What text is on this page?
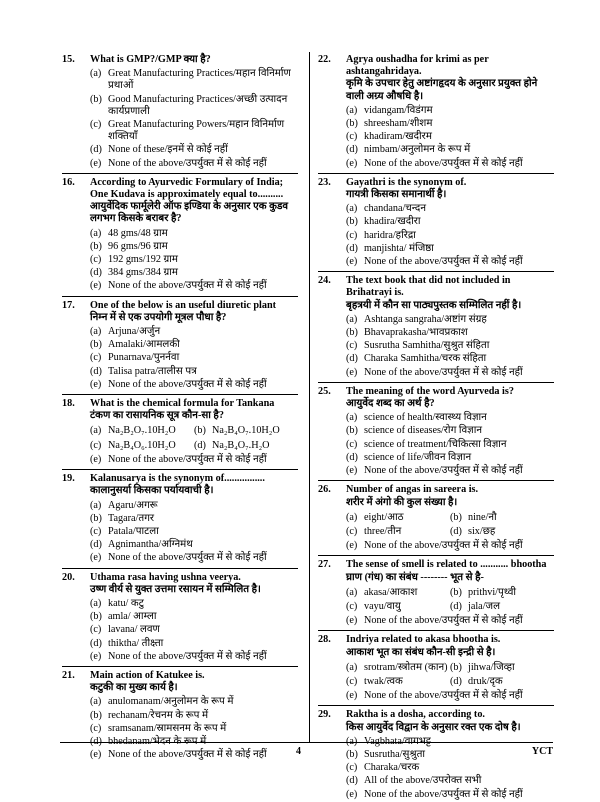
15. What is GMP?/GMP क्या है?
(a) Great Manufacturing Practices/महान विनिर्माण प्रथाओं
(b) Good Manufacturing Practices/अच्छी उत्पादन कार्यप्रणाली
(c) Great Manufacturing Powers/महान विनिर्माण शक्तियाँ
(d) None of these/इनमें से कोई नहीं
(e) None of the above/उपर्युक्त में से कोई नहीं
16. According to Ayurvedic Formulary of India; One Kudava is approximately equal to..........
आयुर्वेदिक फार्मूलेरी ऑफ इण्डिया के अनुसार एक कुडव लगभग किसके बराबर है?
(a) 48 gms/48 ग्राम
(b) 96 gms/96 ग्राम
(c) 192 gms/192 ग्राम
(d) 384 gms/384 ग्राम
(e) None of the above/उपर्युक्त में से कोई नहीं
17. One of the below is an useful diuretic plant
निम्न में से एक उपयोगी मूत्रल पौधा है?
(a) Arjuna/अर्जुन
(b) Amalaki/आमलकी
(c) Punarnava/पुनर्नवा
(d) Talisa patra/तालीस पत्र
(e) None of the above/उपर्युक्त में से कोई नहीं
18. What is the chemical formula for Tankana
टंकण का रासायनिक सूत्र कौन-सा है?
(a) Na₂B₂O₇.10H₂O	(b) Na₂B₄O₇.10H₂O
(c) Na₂B₄O₆.10H₂O	(d) Na₂B₄O₇.H₂O
(e) None of the above/उपर्युक्त में से कोई नहीं
19. Kalanusarya is the synonym of................
कालानुसर्या किसका पर्यायवाची है।
(a) Agaru/अगरू
(b) Tagara/तगर
(c) Patala/पाटला
(d) Agnimantha/अग्निमंथ
(e) None of the above/उपर्युक्त में से कोई नहीं
20. Uthama rasa having ushna veerya.
उष्ण वीर्य से युक्त उत्तमा रसायन में सम्मिलित है।
(a) katu/ कटु
(b) amla/ आम्ला
(c) lavana/ लवण
(d) thiktha/ तीक्ष्ता
(e) None of the above/उपर्युक्त में से कोई नहीं
21. Main action of Katukee is.
कटुकी का मुख्य कार्य है।
(a) anulomanam/अनुलोमन के रूप में
(b) rechanam/रेचनम के रूप में
(c) sramsanam/स्रामसनम के रूप में
(d) bhedanam/भेदन के रूप में
(e) None of the above/उपर्युक्त में से कोई नहीं
22. Agrya oushadha for krimi as per ashtangahridaya.
कृमि के उपचार हेतु अष्टांगहृदय के अनुसार प्रयुक्त होने वाली अग्र्य औषधि है।
(a) vidangam/विडंगम
(b) shreesham/शीशम
(c) khadiram/खदीरम
(d) nimbam/अनुलोमन के रूप में
(e) None of the above/उपर्युक्त में से कोई नहीं
23. Gayathri is the synonym of.
गायत्री किसका समानार्थी है।
(a) chandana/चन्दन
(b) khadira/खदीरा
(c) haridra/हरिद्रा
(d) manjishta/ मंजिष्ठा
(e) None of the above/उपर्युक्त में से कोई नहीं
24. The text book that did not included in Brihatrayi is.
बृहत्रयी में कौन सा पाठ्यपुस्तक सम्मिलित नहीं है।
(a) Ashtanga sangraha/अष्टांग संग्रह
(b) Bhavaprakasha/भावप्रकाश
(c) Susrutha Samhitha/सुश्रुत संहिता
(d) Charaka Samhitha/चरक संहिता
(e) None of the above/उपर्युक्त में से कोई नहीं
25. The meaning of the word Ayurveda is?
आयुर्वेद शब्द का अर्थ है?
(a) science of health/स्वास्थ्य विज्ञान
(b) science of diseases/रोग विज्ञान
(c) science of treatment/चिकित्सा विज्ञान
(d) science of life/जीवन विज्ञान
(e) None of the above/उपर्युक्त में से कोई नहीं
26. Number of angas in sareera is.
शरीर में अंगो की कुल संख्या है।
(a) eight/आठ	(b) nine/नौ
(c) three/तीन	(d) six/छह
(e) None of the above/उपर्युक्त में से कोई नहीं
27. The sense of smell is related to ........... bhootha
घ्राण (गंध) का संबंध -------- भूत से है-
(a) akasa/आकाश	(b) prithvi/पृथ्वी
(c) vayu/वायु	(d) jala/जल
(e) None of the above/उपर्युक्त में से कोई नहीं
28. Indriya related to akasa bhootha is.
आकाश भूत का संबंध कौन-सी इन्द्री से है।
(a) srotram/स्त्रोतम (कान) (b) jihwa/जिव्हा
(c) twak/त्वक	(d) druk/दृक
(e) None of the above/उपर्युक्त में से कोई नहीं
29. Raktha is a dosha, according to.
किस आयुर्वेद विद्वान के अनुसार रक्त एक दोष है।
(a) Vagbhata/वागभट्ट
(b) Susrutha/सुश्रुता
(c) Charaka/चरक
(d) All of the above/उपरोक्त सभी
(e) None of the above/उपर्युक्त में से कोई नहीं
4	YCT
